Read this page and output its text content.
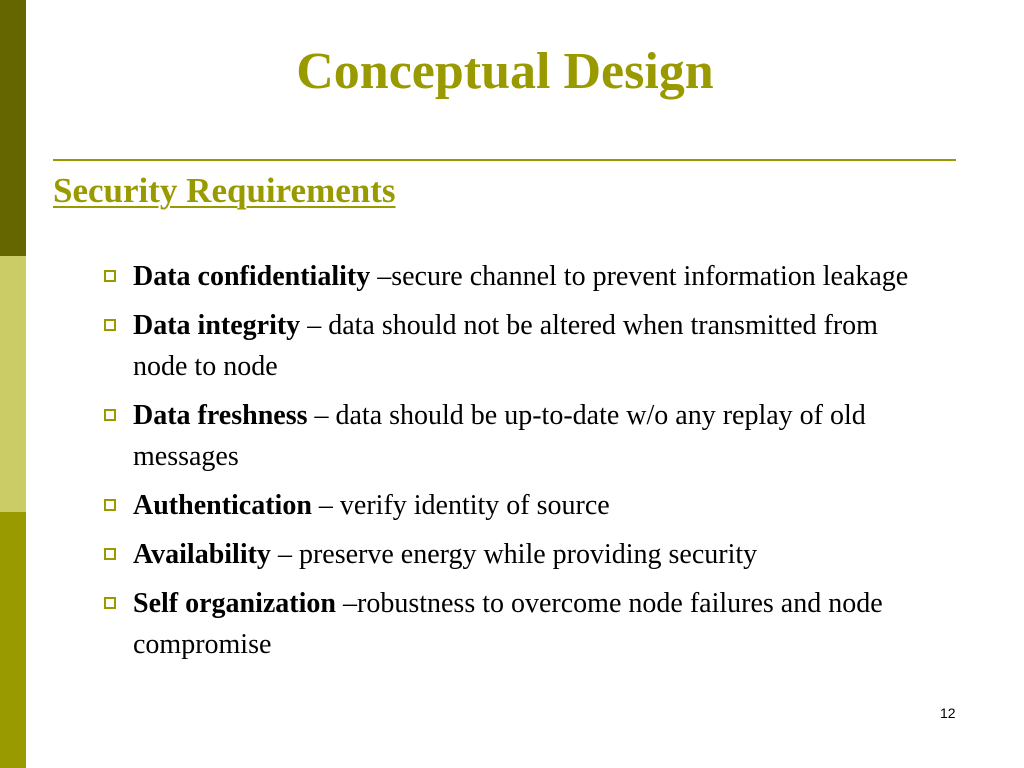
Conceptual Design
Security Requirements
Data confidentiality –secure channel to prevent information leakage
Data integrity – data should not be altered when transmitted from node to node
Data freshness – data should be up-to-date w/o any replay of old messages
Authentication – verify identity of source
Availability – preserve energy while providing security
Self organization –robustness to overcome node failures and node compromise
12
